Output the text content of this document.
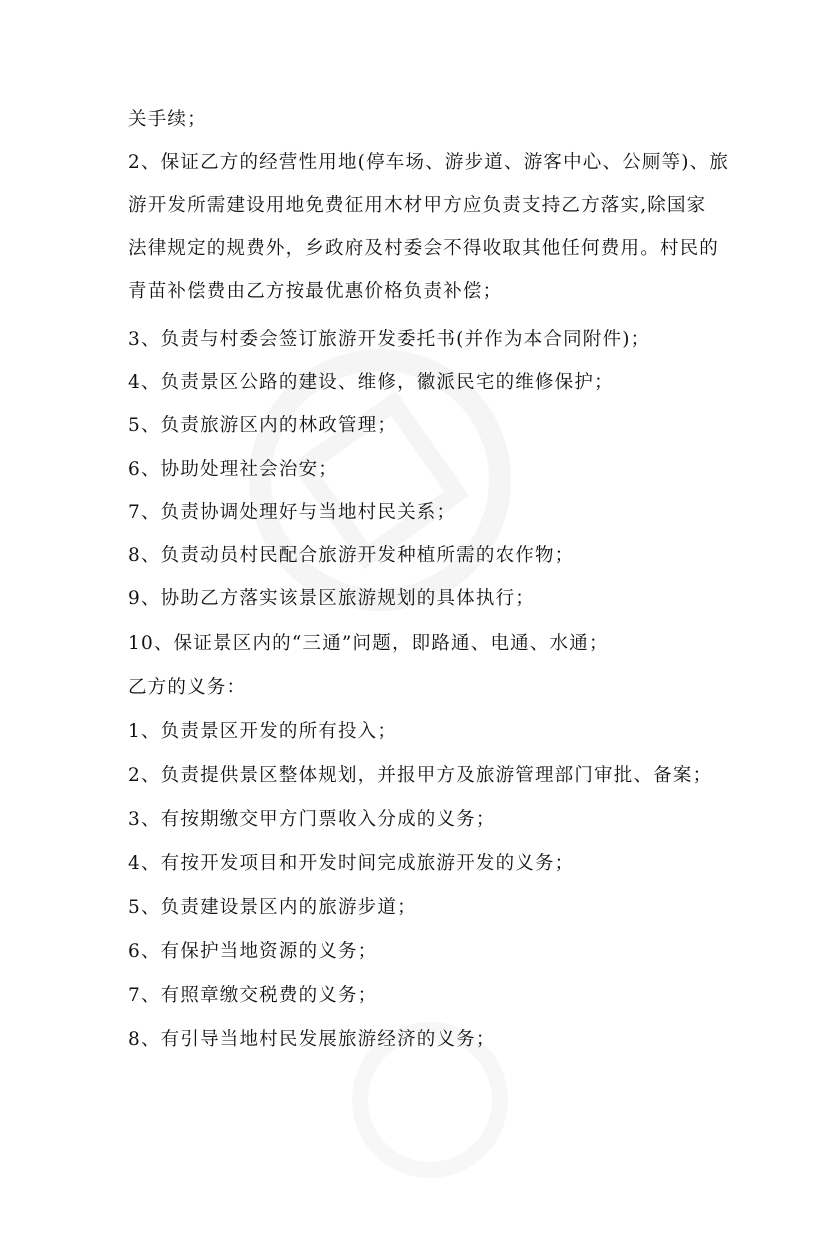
关手续；
2、保证乙方的经营性用地(停车场、游步道、游客中心、公厕等)、旅
游开发所需建设用地免费征用木材甲方应负责支持乙方落实,除国家
法律规定的规费外，乡政府及村委会不得收取其他任何费用。村民的
青苗补偿费由乙方按最优惠价格负责补偿；
3、负责与村委会签订旅游开发委托书(并作为本合同附件)；
4、负责景区公路的建设、维修，徽派民宅的维修保护；
5、负责旅游区内的林政管理；
6、协助处理社会治安；
7、负责协调处理好与当地村民关系；
8、负责动员村民配合旅游开发种植所需的农作物；
9、协助乙方落实该景区旅游规划的具体执行；
10、保证景区内的“三通”问题，即路通、电通、水通；
乙方的义务：
1、负责景区开发的所有投入；
2、负责提供景区整体规划，并报甲方及旅游管理部门审批、备案；
3、有按期缴交甲方门票收入分成的义务；
4、有按开发项目和开发时间完成旅游开发的义务；
5、负责建设景区内的旅游步道；
6、有保护当地资源的义务；
7、有照章缴交税费的义务；
8、有引导当地村民发展旅游经济的义务；
